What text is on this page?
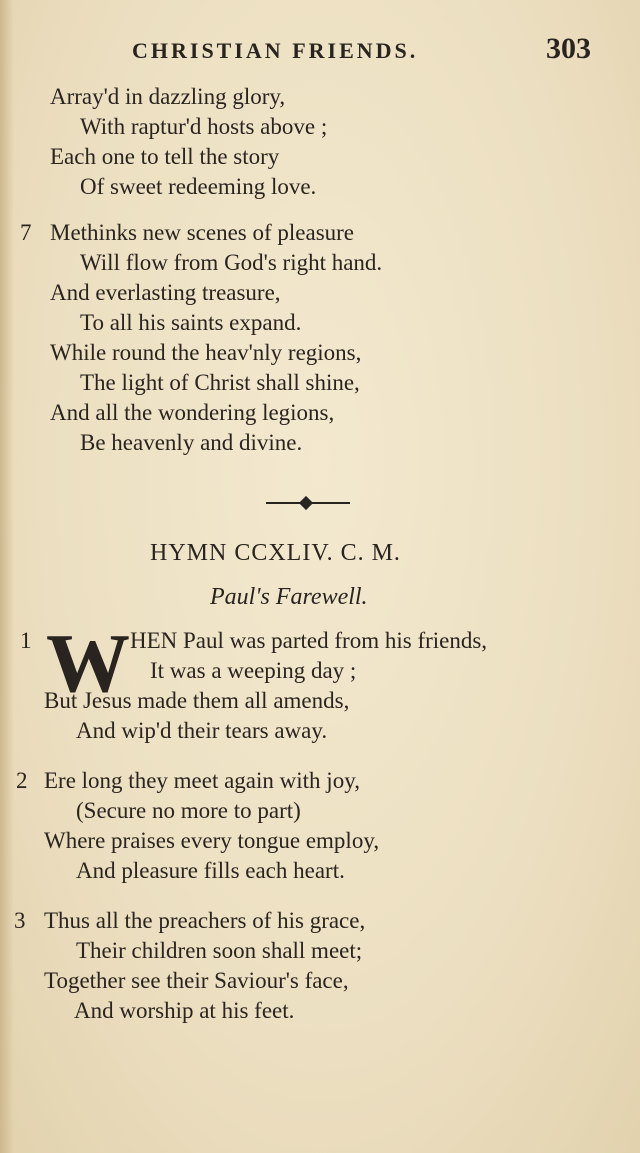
CHRISTIAN FRIENDS.	303
Array'd in dazzling glory,
With raptur'd hosts above ;
Each one to tell the story
Of sweet redeeming love.
7 Methinks new scenes of pleasure
Will flow from God's right hand.
And everlasting treasure,
To all his saints expand.
While round the heav'nly regions,
The light of Christ shall shine,
And all the wondering legions,
Be heavenly and divine.
HYMN CCXLIV. C. M.
Paul's Farewell.
1 W HEN Paul was parted from his friends,
It was a weeping day ;
But Jesus made them all amends,
And wip'd their tears away.
2 Ere long they meet again with joy,
(Secure no more to part)
Where praises every tongue employ,
And pleasure fills each heart.
3 Thus all the preachers of his grace,
Their children soon shall meet;
Together see their Saviour's face,
And worship at his feet.
